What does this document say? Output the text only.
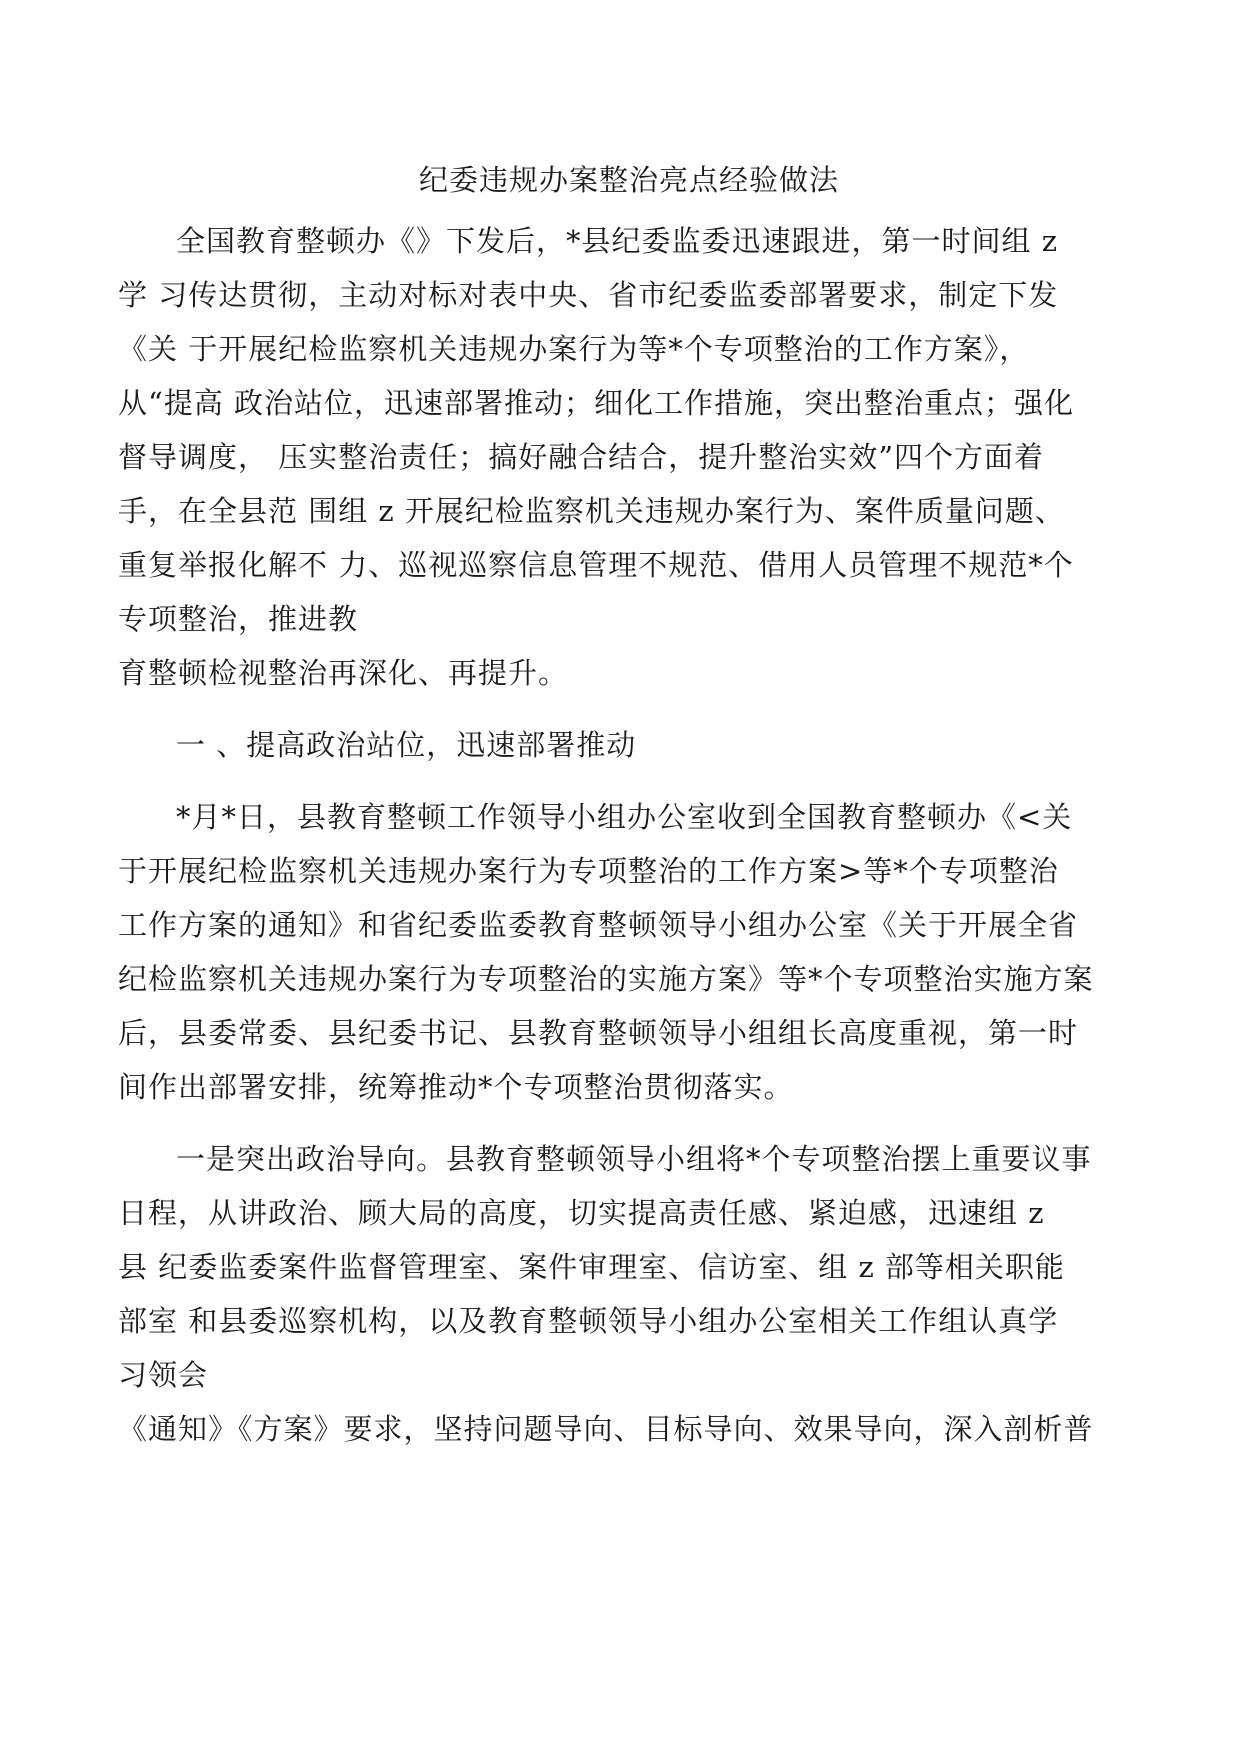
纪委违规办案整治亮点经验做法
全国教育整顿办《》下发后，*县纪委监委迅速跟进，第一时间组 z
学 习传达贯彻，主动对标对表中央、省市纪委监委部署要求，制定下发
《关 于开展纪检监察机关违规办案行为等*个专项整治的工作方案》，
从“提高 政治站位，迅速部署推动；细化工作措施，突出整治重点；强化
督导调度， 压实整治责任；搞好融合结合，提升整治实效”四个方面着
手，在全县范 围组 z 开展纪检监察机关违规办案行为、案件质量问题、
重复举报化解不 力、巡视巡察信息管理不规范、借用人员管理不规范*个
专项整治，推进教
育整顿检视整治再深化、再提升。
一 、提高政治站位，迅速部署推动
*月*日，县教育整顿工作领导小组办公室收到全国教育整顿办《<关
于开展纪检监察机关违规办案行为专项整治的工作方案>等*个专项整治
工作方案的通知》和省纪委监委教育整顿领导小组办公室《关于开展全省
纪检监察机关违规办案行为专项整治的实施方案》等*个专项整治实施方案
后，县委常委、县纪委书记、县教育整顿领导小组组长高度重视，第一时
间作出部署安排，统筹推动*个专项整治贯彻落实。
一是突出政治导向。县教育整顿领导小组将*个专项整治摆上重要议事
日程，从讲政治、顾大局的高度，切实提高责任感、紧迫感，迅速组 z
县 纪委监委案件监督管理室、案件审理室、信访室、组 z 部等相关职能
部室 和县委巡察机构，以及教育整顿领导小组办公室相关工作组认真学
习领会
《通知》《方案》要求，坚持问题导向、目标导向、效果导向，深入剖析普
